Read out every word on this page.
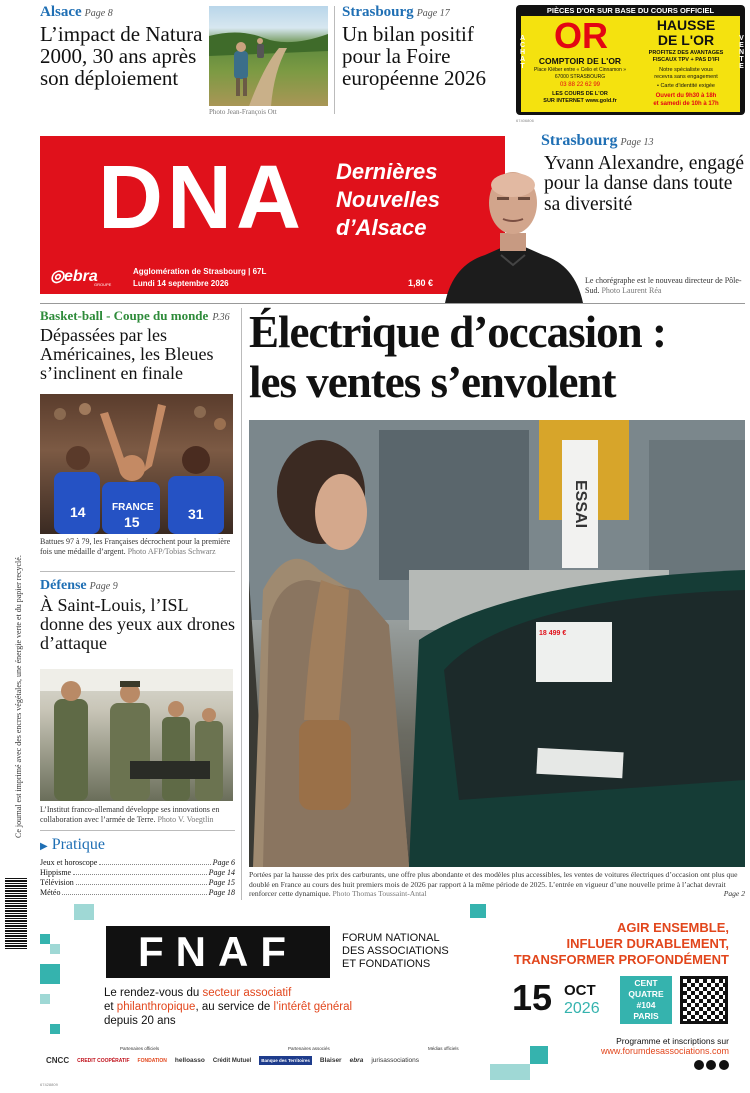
Alsace Page 8
L’impact de Natura 2000, 30 ans après son déploiement
Photo Jean-François Ott
Strasbourg Page 17
Un bilan positif pour la Foire européenne 2026
PIÈCES D'OR SUR BASE DU COURS OFFICIEL
ACHAT	VENTE
OR
COMPTOIR DE L'OR
Place Kléber entre « Celio et Cinnamon »
67000 STRASBOURG
03 88 22 62 99
LES COURS DE L'OR
SUR INTERNET www.gold.fr
HAUSSE
DE L'OR
PROFITEZ DES AVANTAGES
FISCAUX TPV + PAS D'IFI
Notre spécialiste vous
recevra sans engagement
• Carte d'identité exigée
Ouvert du 9h30 à 18h
et samedi de 10h à 17h
67406806
DNA Dernières
Nouvelles
d’Alsace
◎ebra
GROUPE
Agglomération de Strasbourg | 67L
Lundi 14 septembre 2026	1,80 €
Strasbourg Page 13
Yvann Alexandre, engagé pour la danse dans toute sa diversité
Le chorégraphe est le nouveau directeur de Pôle-Sud. Photo Laurent Réa
Basket-ball - Coupe du monde P.36
Dépassées par les Américaines, les Bleues s’inclinent en finale
14	FRANCE
15	31
Battues 97 à 79, les Françaises décrochent pour la première fois une médaille d’argent. Photo AFP/Tobias Schwarz
Défense Page 9
À Saint-Louis, l’ISL donne des yeux aux drones d’attaque
L’Institut franco-allemand développe ses innovations en collaboration avec l’armée de Terre. Photo V. Voegtlin
▶ Pratique
Jeux et horoscope	Page 6
Hippisme	Page 14
Télévision	Page 15
Météo	Page 18
Ce journal est imprimé avec des encres végétales, une énergie verte et du papier recyclé.
Électrique d’occasion :
les ventes s’envolent
ESSAI
18 499 €
Portées par la hausse des prix des carburants, une offre plus abondante et des modèles plus accessibles, les ventes de voitures électriques d’occasion ont plus que doublé en France au cours des huit premiers mois de 2026 par rapport à la même période de 2025. L’entrée en vigueur d’une nouvelle prime à l’achat devrait renforcer cette dynamique. Photo Thomas Toussaint-Antal	Page 2
FNAF	FORUM NATIONAL
DES ASSOCIATIONS
ET FONDATIONS
AGIR ENSEMBLE,
INFLUER DURABLEMENT,
TRANSFORMER PROFONDÉMENT
Le rendez-vous du secteur associatif
et philanthropique, au service de l’intérêt général
depuis 20 ans
15 OCT
2026
CENT
QUATRE
#104
PARIS
Programme et inscriptions sur
www.forumdesassociations.com

Partenaires officiels	Partenaires associés	Médias officiels
CNCC CREDIT COOPÉRATIF FONDATION helloasso Crédit Mutuel	Banque des Territoires	Blaiser ebra jurisassociations
67428809
